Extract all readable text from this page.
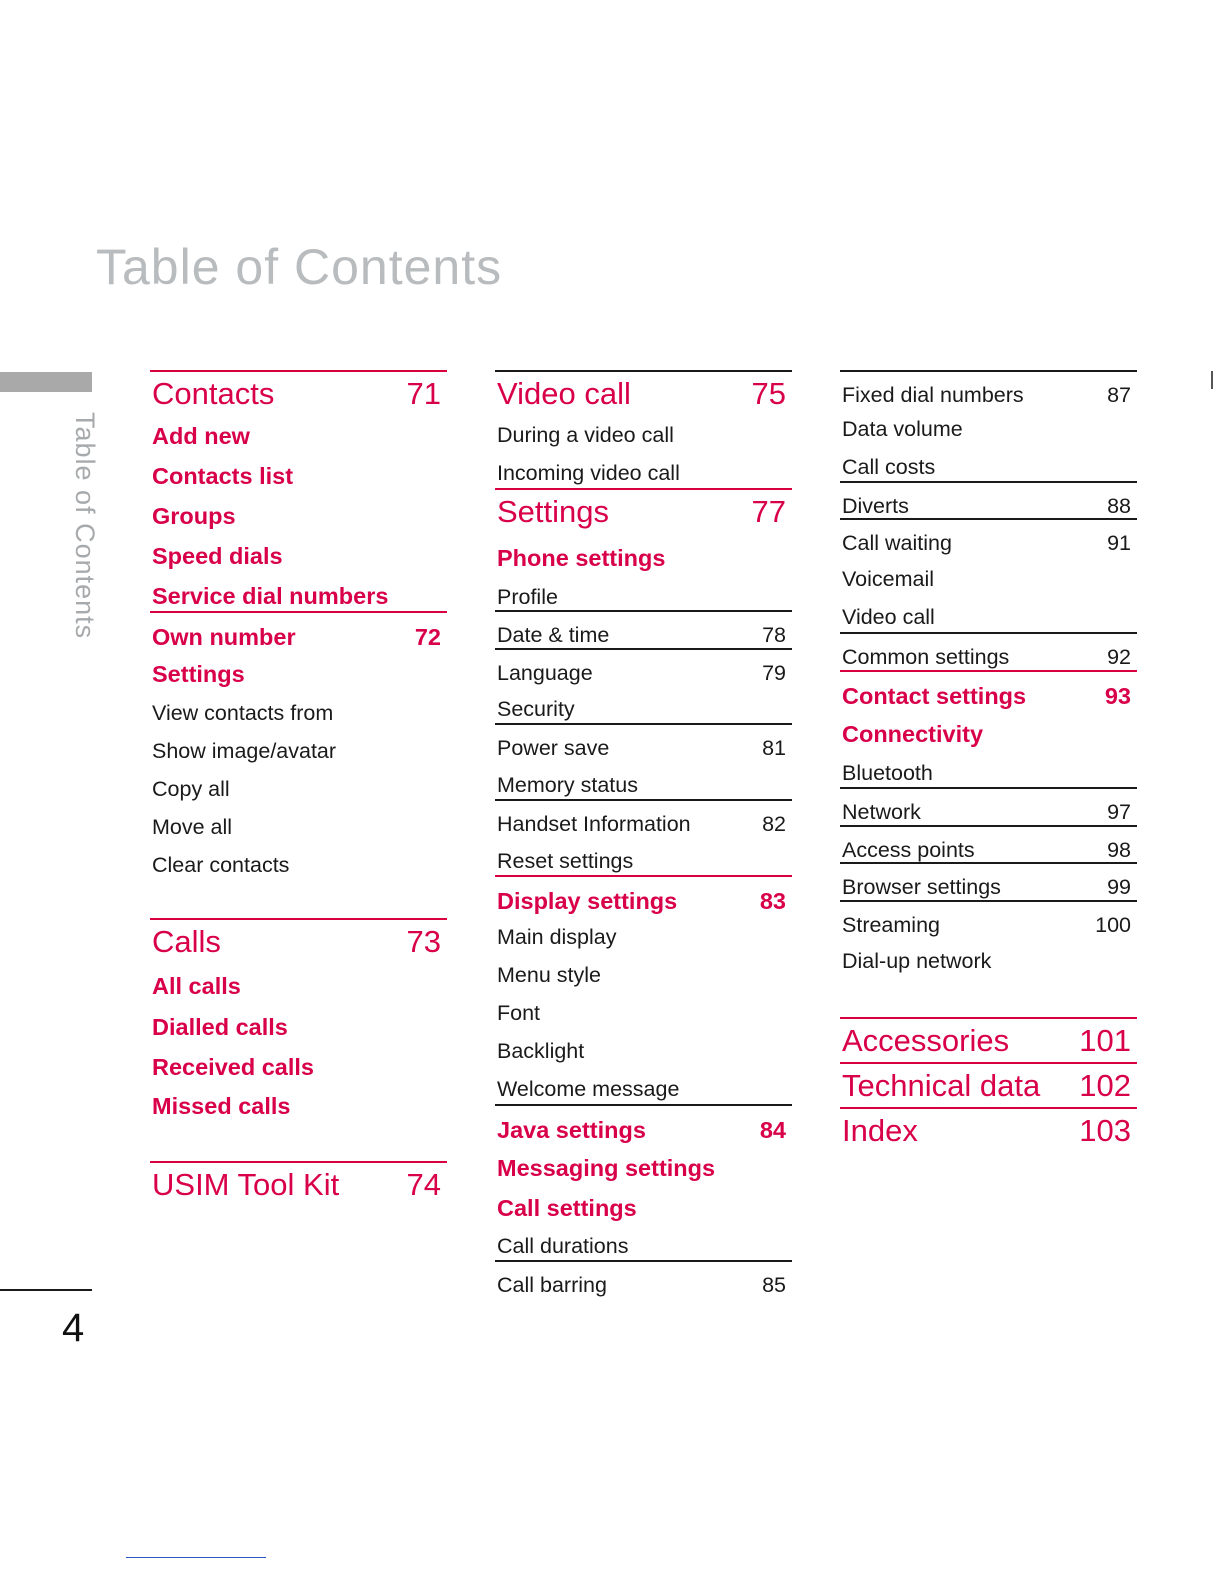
Table of Contents
Table of Contents
4
Contacts	71
Add new
Contacts list
Groups
Speed dials
Service dial numbers
Own number	72
Settings
View contacts from
Show image/avatar
Copy all
Move all
Clear contacts
Calls	73
All calls
Dialled calls
Received calls
Missed calls
USIM Tool Kit 74
Video call	75
During a video call
Incoming video call
Settings	77
Phone settings
Profile
Date & time	78
Language	79
Security
Power save	81
Memory status
Handset Information	82
Reset settings
Display settings	83
Main display
Menu style
Font
Backlight
Welcome message
Java settings	84
Messaging settings
Call settings
Call durations
Call barring	85
Fixed dial numbers	87
Data volume
Call costs
Diverts	88
Call waiting	91
Voicemail
Video call
Common settings	92
Contact settings	93
Connectivity
Bluetooth
Network	97
Access points	98
Browser settings	99
Streaming	100
Dial-up network
Accessories 101
Technical data 102
Index	103
